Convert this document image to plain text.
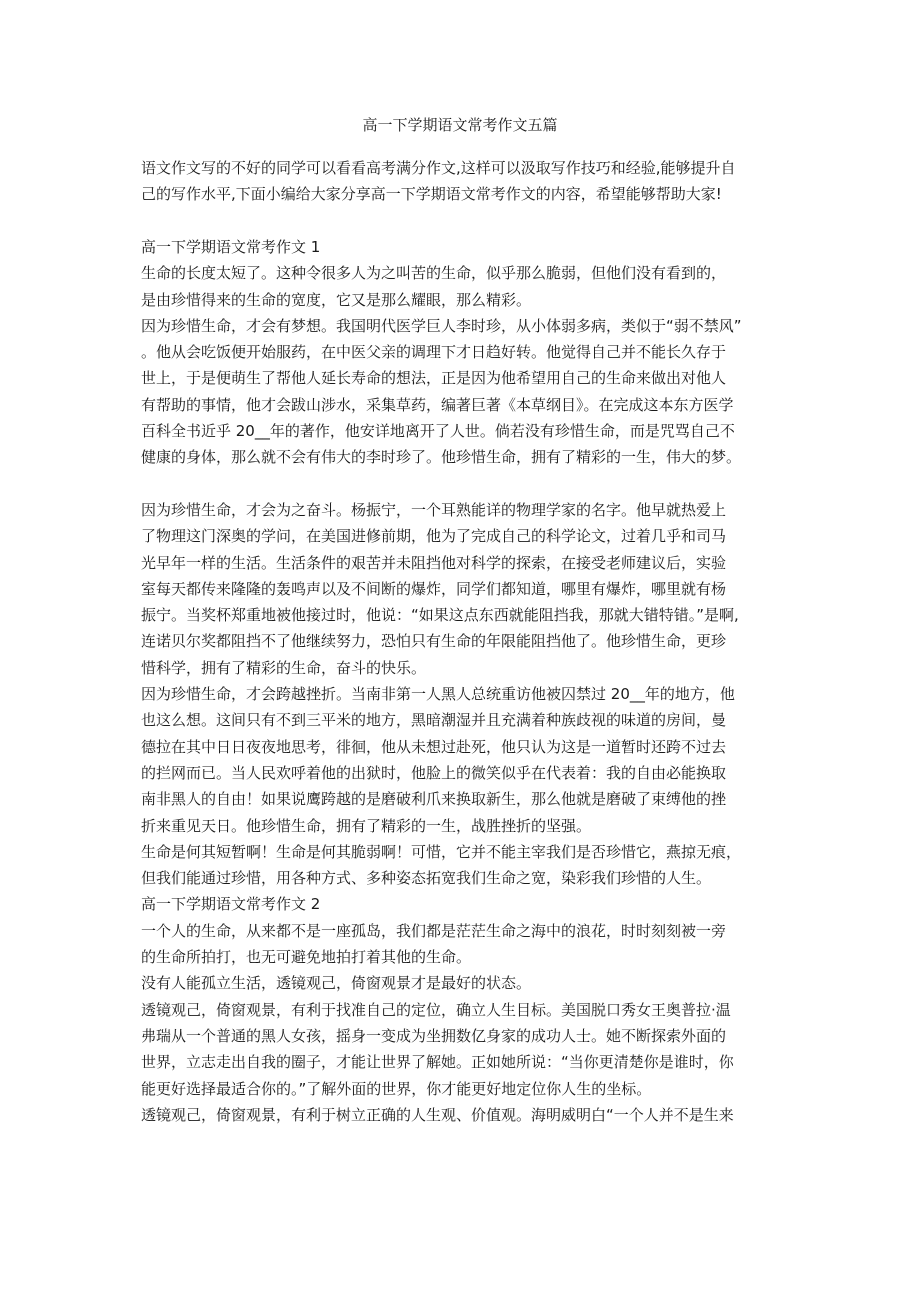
高一下学期语文常考作文五篇
语文作文写的不好的同学可以看看高考满分作文,这样可以汲取写作技巧和经验,能够提升自
己的写作水平,下面小编给大家分享高一下学期语文常考作文的内容，希望能够帮助大家!
高一下学期语文常考作文 1
生命的长度太短了。这种令很多人为之叫苦的生命，似乎那么脆弱，但他们没有看到的，
是由珍惜得来的生命的宽度，它又是那么耀眼，那么精彩。
因为珍惜生命，才会有梦想。我国明代医学巨人李时珍，从小体弱多病，类似于“弱不禁风”
。他从会吃饭便开始服药，在中医父亲的调理下才日趋好转。他觉得自己并不能长久存于
世上，于是便萌生了帮他人延长寿命的想法，正是因为他希望用自己的生命来做出对他人
有帮助的事情，他才会跋山涉水，采集草药，编著巨著《本草纲目》。在完成这本东方医学
百科全书近乎 20__年的著作，他安详地离开了人世。倘若没有珍惜生命，而是咒骂自己不
健康的身体，那么就不会有伟大的李时珍了。他珍惜生命，拥有了精彩的一生，伟大的梦。
因为珍惜生命，才会为之奋斗。杨振宁，一个耳熟能详的物理学家的名字。他早就热爱上
了物理这门深奥的学问，在美国进修前期，他为了完成自己的科学论文，过着几乎和司马
光早年一样的生活。生活条件的艰苦并未阻挡他对科学的探索，在接受老师建议后，实验
室每天都传来隆隆的轰鸣声以及不间断的爆炸，同学们都知道，哪里有爆炸，哪里就有杨
振宁。当奖杯郑重地被他接过时，他说：“如果这点东西就能阻挡我，那就大错特错。”是啊,
连诺贝尔奖都阻挡不了他继续努力，恐怕只有生命的年限能阻挡他了。他珍惜生命，更珍
惜科学，拥有了精彩的生命，奋斗的快乐。
因为珍惜生命，才会跨越挫折。当南非第一人黑人总统重访他被囚禁过 20__年的地方，他
也这么想。这间只有不到三平米的地方，黑暗潮湿并且充满着种族歧视的味道的房间，曼
德拉在其中日日夜夜地思考，徘徊，他从未想过赴死，他只认为这是一道暂时还跨不过去
的拦网而已。当人民欢呼着他的出狱时，他脸上的微笑似乎在代表着：我的自由必能换取
南非黑人的自由！如果说鹰跨越的是磨破利爪来换取新生，那么他就是磨破了束缚他的挫
折来重见天日。他珍惜生命，拥有了精彩的一生，战胜挫折的坚强。
生命是何其短暂啊！生命是何其脆弱啊！可惜，它并不能主宰我们是否珍惜它，燕掠无痕，
但我们能通过珍惜，用各种方式、多种姿态拓宽我们生命之宽，染彩我们珍惜的人生。
高一下学期语文常考作文 2
一个人的生命，从来都不是一座孤岛，我们都是茫茫生命之海中的浪花，时时刻刻被一旁
的生命所拍打，也无可避免地拍打着其他的生命。
没有人能孤立生活，透镜观己，倚窗观景才是最好的状态。
透镜观己，倚窗观景，有利于找准自己的定位，确立人生目标。美国脱口秀女王奥普拉·温
弗瑞从一个普通的黑人女孩，摇身一变成为坐拥数亿身家的成功人士。她不断探索外面的
世界，立志走出自我的圈子，才能让世界了解她。正如她所说：“当你更清楚你是谁时，你
能更好选择最适合你的。”了解外面的世界，你才能更好地定位你人生的坐标。
透镜观己，倚窗观景，有利于树立正确的人生观、价值观。海明威明白“一个人并不是生来
